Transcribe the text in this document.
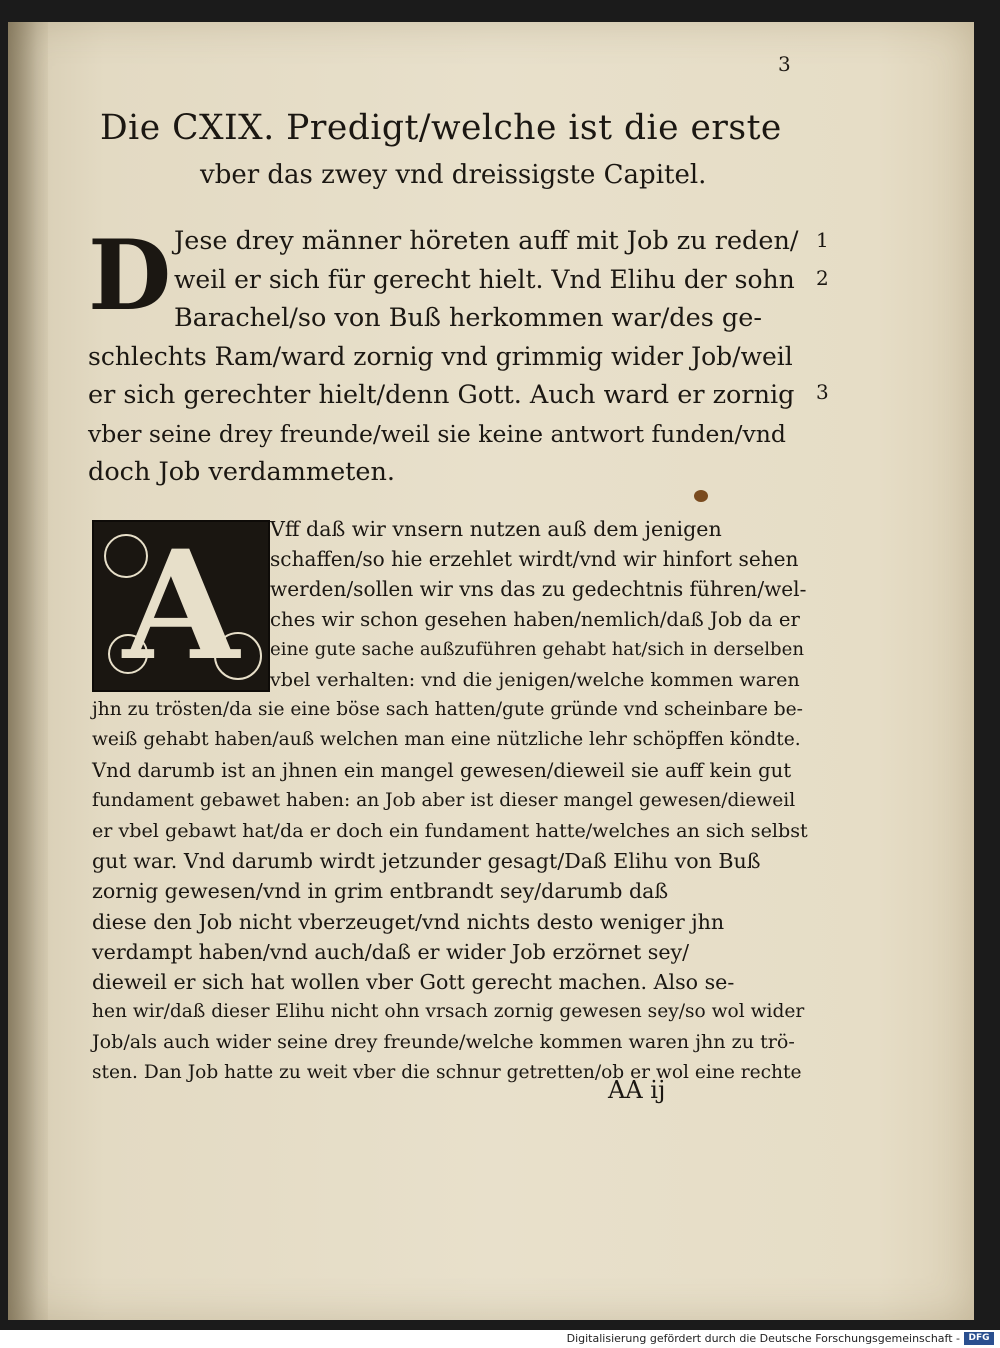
3
Die CXIX. Predigt/welche ist die erste
vber das zwey vnd dreissigste Capitel.
D Jese drey männer höreten auff mit Job zu reden/
weil er sich für gerecht hielt. Vnd Elihu der sohn
Barachel/so von Buß herkommen war/des ge-
schlechts Ram/ward zornig vnd grimmig wider Job/weil
er sich gerechter hielt/denn Gott. Auch ward er zornig
vber seine drey freunde/weil sie keine antwort funden/vnd
doch Job verdammeten.
1
2
3
A	Vff daß wir vnsern nutzen auß dem jenigen
schaffen/so hie erzehlet wirdt/vnd wir hinfort sehen
werden/sollen wir vns das zu gedechtnis führen/wel-
ches wir schon gesehen haben/nemlich/daß Job da er
eine gute sache außzuführen gehabt hat/sich in derselben
vbel verhalten: vnd die jenigen/welche kommen waren
jhn zu trösten/da sie eine böse sach hatten/gute gründe vnd scheinbare be-
weiß gehabt haben/auß welchen man eine nützliche lehr schöpffen köndte.
Vnd darumb ist an jhnen ein mangel gewesen/dieweil sie auff kein gut
fundament gebawet haben: an Job aber ist dieser mangel gewesen/dieweil
er vbel gebawt hat/da er doch ein fundament hatte/welches an sich selbst
gut war. Vnd darumb wirdt jetzunder gesagt/Daß Elihu von Buß
zornig gewesen/vnd in grim entbrandt sey/darumb daß
diese den Job nicht vberzeuget/vnd nichts desto weniger jhn
verdampt haben/vnd auch/daß er wider Job erzörnet sey/
dieweil er sich hat wollen vber Gott gerecht machen. Also se-
hen wir/daß dieser Elihu nicht ohn vrsach zornig gewesen sey/so wol wider
Job/als auch wider seine drey freunde/welche kommen waren jhn zu trö-
sten. Dan Job hatte zu weit vber die schnur getretten/ob er wol eine rechte
AA ij
Digitalisierung gefördert durch die Deutsche Forschungsgemeinschaft - DFG
